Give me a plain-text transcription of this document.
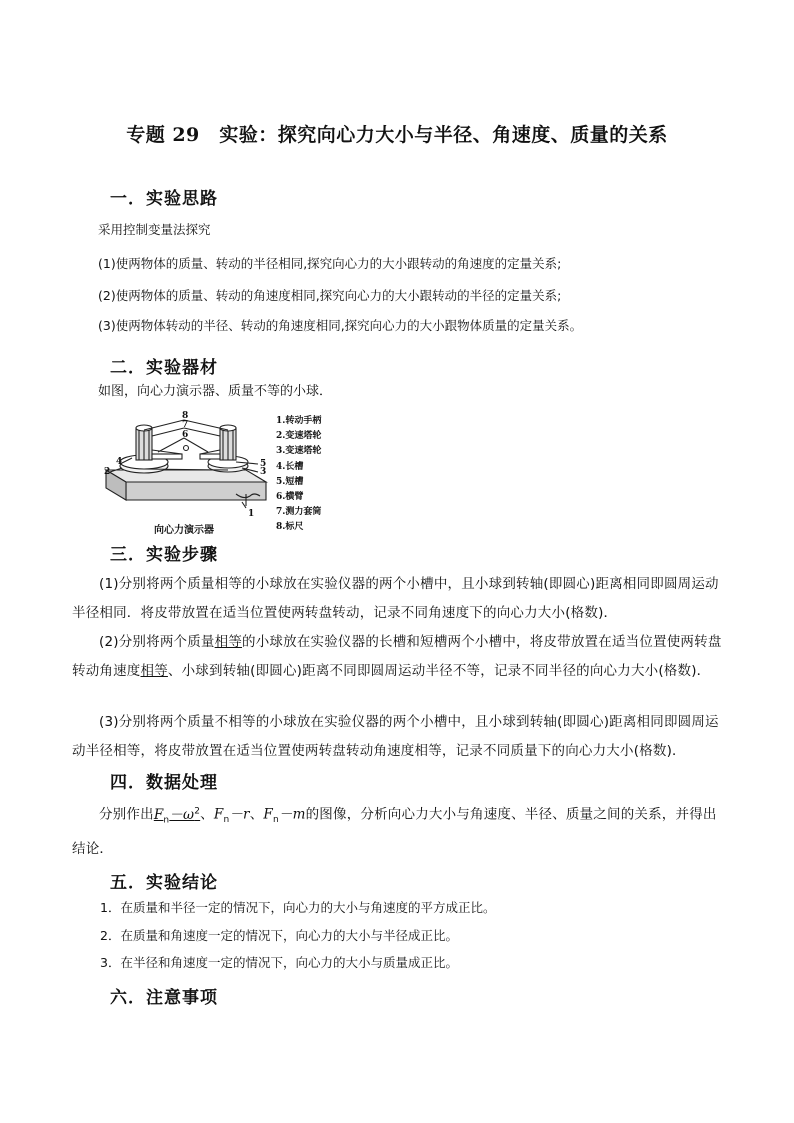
专题 29　实验：探究向心力大小与半径、角速度、质量的关系
一．实验思路
采用控制变量法探究
(1)使两物体的质量、转动的半径相同,探究向心力的大小跟转动的角速度的定量关系;
(2)使两物体的质量、转动的角速度相同,探究向心力的大小跟转动的半径的定量关系;
(3)使两物体转动的半径、转动的角速度相同,探究向心力的大小跟物体质量的定量关系。
二．实验器材
如图，向心力演示器、质量不等的小球．
8
7
6
4
2
5
3
1
1.转动手柄
2.变速塔轮
3.变速塔轮
4.长槽
5.短槽
6.横臂
7.测力套筒
8.标尺
向心力演示器
三．实验步骤
(1)分别将两个质量相等的小球放在实验仪器的两个小槽中，且小球到转轴(即圆心)距离相同即圆周运动半径相同．将皮带放置在适当位置使两转盘转动，记录不同角速度下的向心力大小(格数)．
(2)分别将两个质量相等的小球放在实验仪器的长槽和短槽两个小槽中，将皮带放置在适当位置使两转盘转动角速度相等、小球到转轴(即圆心)距离不同即圆周运动半径不等，记录不同半径的向心力大小(格数)．
(3)分别将两个质量不相等的小球放在实验仪器的两个小槽中，且小球到转轴(即圆心)距离相同即圆周运动半径相等，将皮带放置在适当位置使两转盘转动角速度相等，记录不同质量下的向心力大小(格数)．
四．数据处理
分别作出$F_n-\omega^2$、$F_n-r$、$F_n-m$的图像，分析向心力大小与角速度、半径、质量之间的关系，并得出结论．
五．实验结论
1．在质量和半径一定的情况下，向心力的大小与角速度的平方成正比。
2．在质量和角速度一定的情况下，向心力的大小与半径成正比。
3．在半径和角速度一定的情况下，向心力的大小与质量成正比。
六．注意事项
